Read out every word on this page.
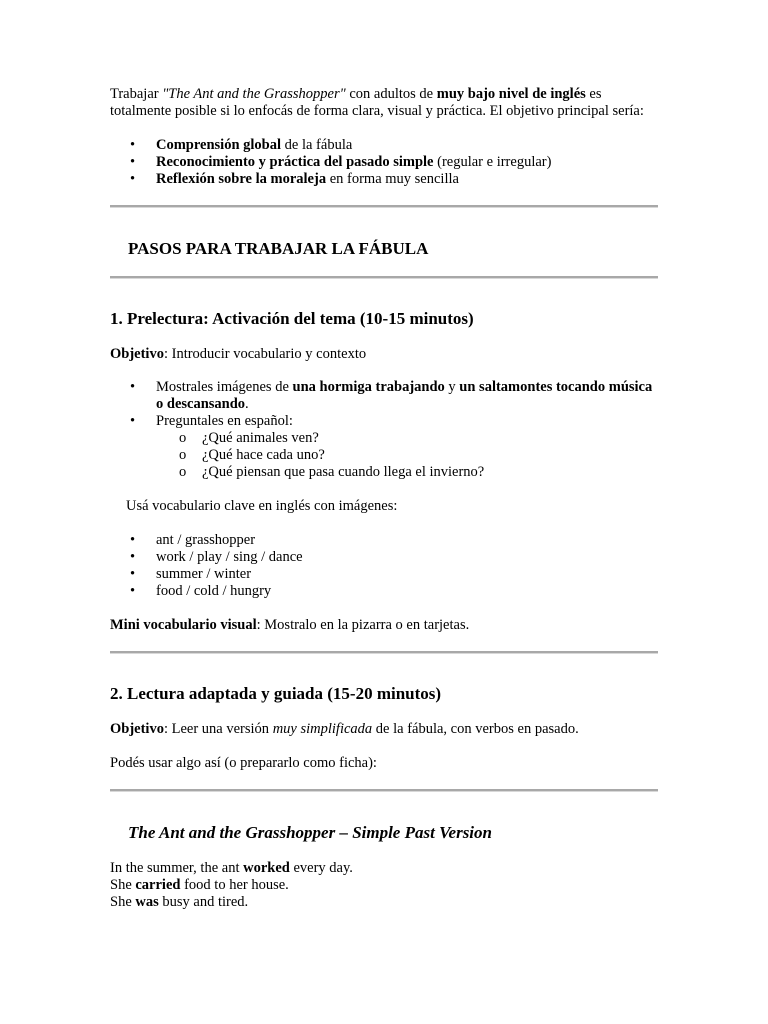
Trabajar "The Ant and the Grasshopper" con adultos de muy bajo nivel de inglés es totalmente posible si lo enfocás de forma clara, visual y práctica. El objetivo principal sería:

• Comprensión global de la fábula
• Reconocimiento y práctica del pasado simple (regular e irregular)
• Reflexión sobre la moraleja en forma muy sencilla
PASOS PARA TRABAJAR LA FÁBULA
1. Prelectura: Activación del tema (10-15 minutos)

Objetivo: Introducir vocabulario y contexto

• Mostrales imágenes de una hormiga trabajando y un saltamontes tocando música o descansando.
• Preguntales en español:
o ¿Qué animales ven?
o ¿Qué hace cada uno?
o ¿Qué piensan que pasa cuando llega el invierno?

Usá vocabulario clave en inglés con imágenes:

• ant / grasshopper
• work / play / sing / dance
• summer / winter
• food / cold / hungry

Mini vocabulario visual: Mostralo en la pizarra o en tarjetas.

2. Lectura adaptada y guiada (15-20 minutos)

Objetivo: Leer una versión muy simplificada de la fábula, con verbos en pasado.

Podés usar algo así (o prepararlo como ficha):

The Ant and the Grasshopper – Simple Past Version

In the summer, the ant worked every day.

She carried food to her house.

She was busy and tired.
